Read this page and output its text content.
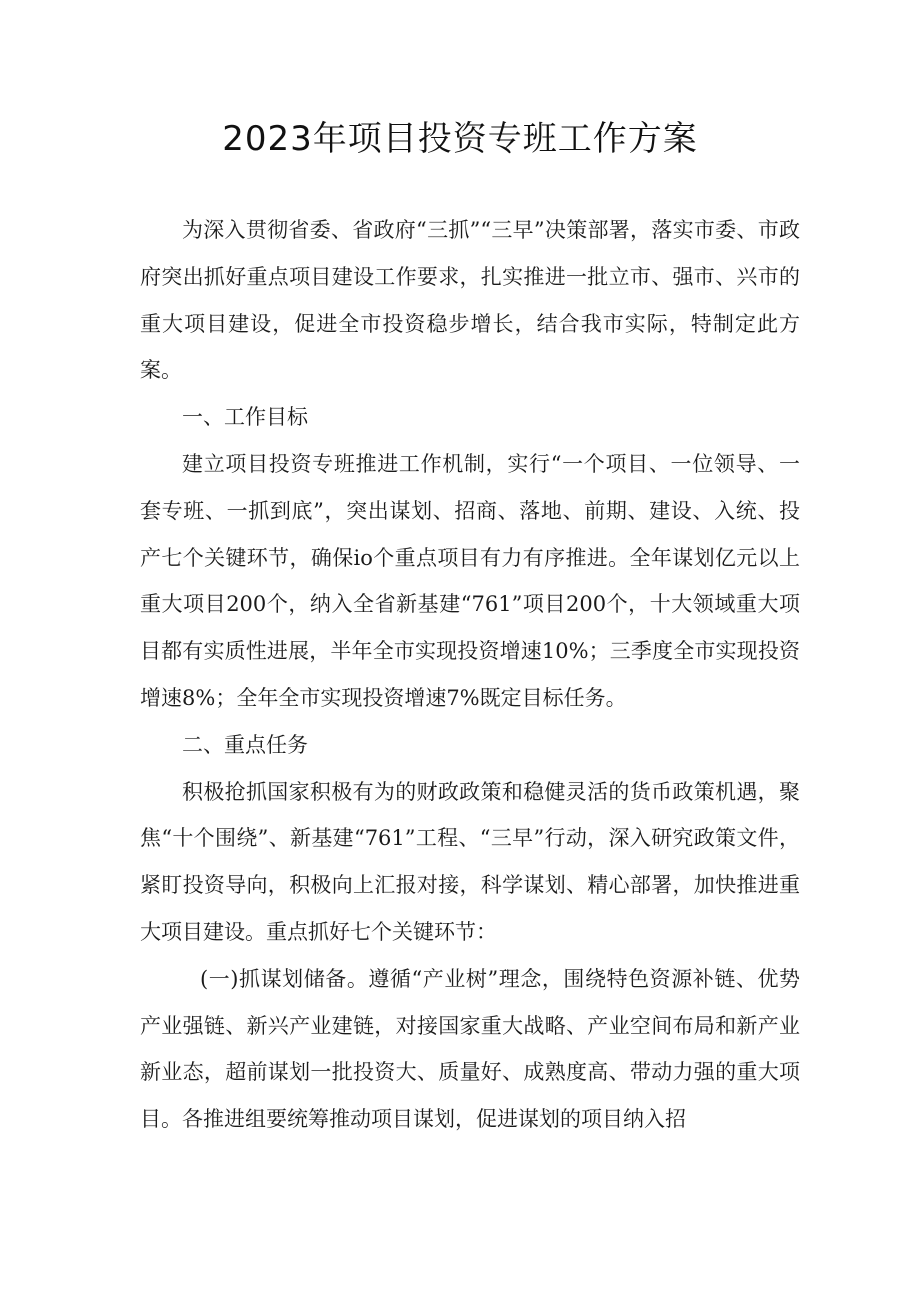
2023年项目投资专班工作方案

为深入贯彻省委、省政府“三抓”“三早”决策部署，落实市委、市政府突出抓好重点项目建设工作要求，扎实推进一批立市、强市、兴市的重大项目建设，促进全市投资稳步增长，结合我市实际，特制定此方案。

一、工作目标

建立项目投资专班推进工作机制，实行“一个项目、一位领导、一套专班、一抓到底”，突出谋划、招商、落地、前期、建设、入统、投产七个关键环节，确保io个重点项目有力有序推进。全年谋划亿元以上重大项目200个，纳入全省新基建“761”项目200个，十大领域重大项目都有实质性进展，半年全市实现投资增速10%；三季度全市实现投资增速8%；全年全市实现投资增速7%既定目标任务。

二、重点任务

积极抢抓国家积极有为的财政政策和稳健灵活的货币政策机遇，聚焦“十个围绕”、新基建“761”工程、“三早”行动，深入研究政策文件，紧盯投资导向，积极向上汇报对接，科学谋划、精心部署，加快推进重大项目建设。重点抓好七个关键环节：

(一)抓谋划储备。遵循“产业树”理念，围绕特色资源补链、优势产业强链、新兴产业建链，对接国家重大战略、产业空间布局和新产业新业态，超前谋划一批投资大、质量好、成熟度高、带动力强的重大项目。各推进组要统筹推动项目谋划，促进谋划的项目纳入招
